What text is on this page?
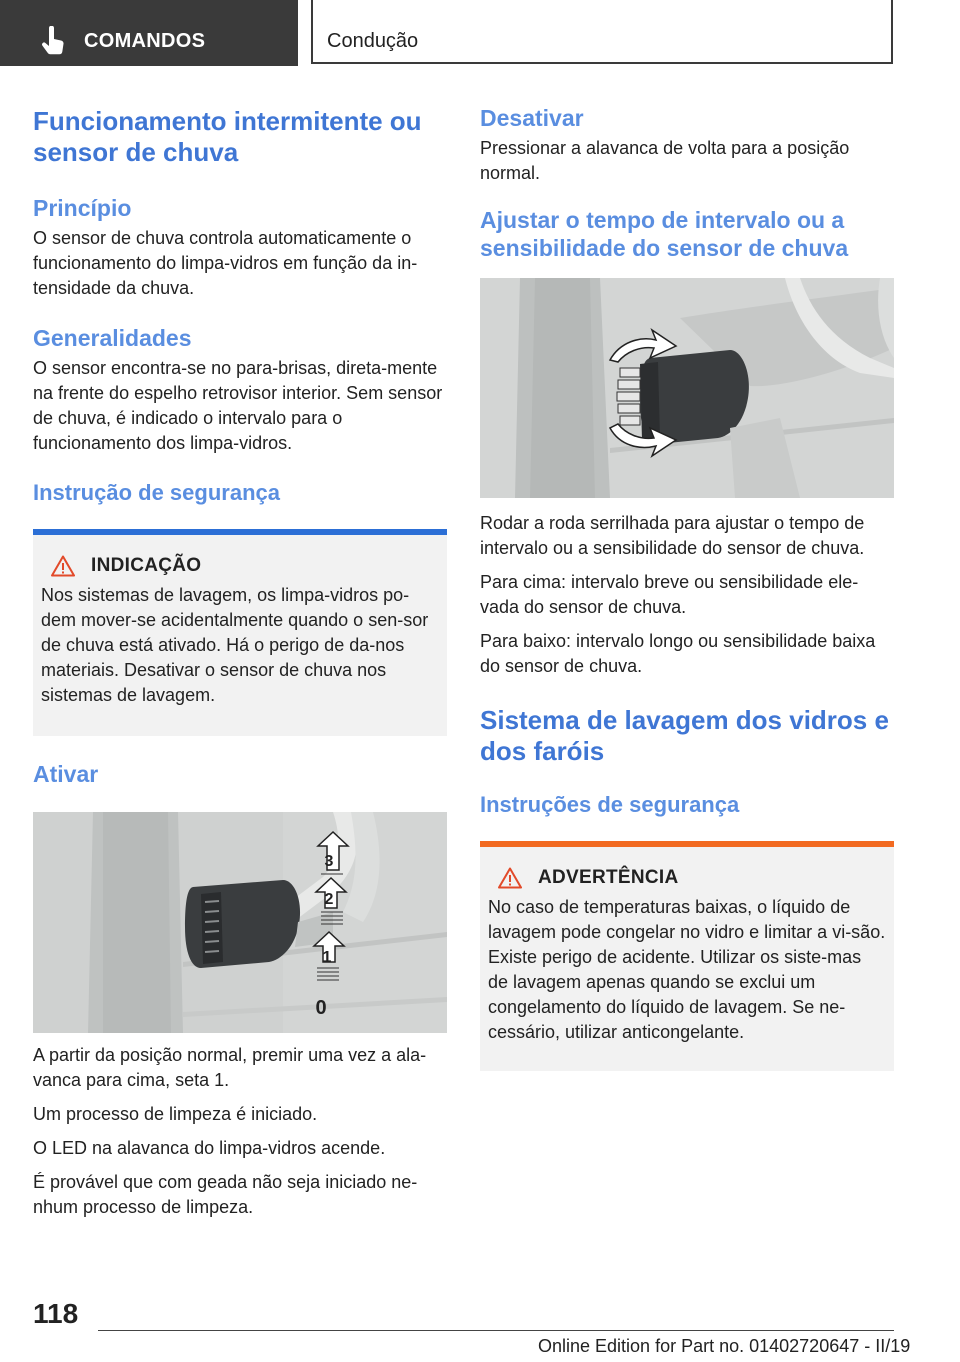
COMANDOS	Condução
Funcionamento intermitente ou sensor de chuva
Princípio

O sensor de chuva controla automaticamente o funcionamento do limpa-vidros em função da in-tensidade da chuva.

Generalidades

O sensor encontra-se no para-brisas, direta-mente na frente do espelho retrovisor interior. Sem sensor de chuva, é indicado o intervalo para o funcionamento dos limpa-vidros.

Instrução de segurança
INDICAÇÃO

Nos sistemas de lavagem, os limpa-vidros po-dem mover-se acidentalmente quando o sen-sor de chuva está ativado. Há o perigo de da-nos materiais. Desativar o sensor de chuva nos sistemas de lavagem.

Ativar
3
2
1
0

A partir da posição normal, premir uma vez a ala-vanca para cima, seta 1.

Um processo de limpeza é iniciado.

O LED na alavanca do limpa-vidros acende.

É provável que com geada não seja iniciado ne-nhum processo de limpeza.

Desativar

Pressionar a alavanca de volta para a posição normal.

Ajustar o tempo de intervalo ou a sensibilidade do sensor de chuva

Rodar a roda serrilhada para ajustar o tempo de intervalo ou a sensibilidade do sensor de chuva.

Para cima: intervalo breve ou sensibilidade ele-vada do sensor de chuva.

Para baixo: intervalo longo ou sensibilidade baixa do sensor de chuva.

Sistema de lavagem dos vidros e dos faróis
Instruções de segurança
ADVERTÊNCIA

No caso de temperaturas baixas, o líquido de lavagem pode congelar no vidro e limitar a vi-são. Existe perigo de acidente. Utilizar os siste-mas de lavagem apenas quando se exclui um congelamento do líquido de lavagem. Se ne-cessário, utilizar anticongelante.

118
Online Edition for Part no. 01402720647 - II/19
